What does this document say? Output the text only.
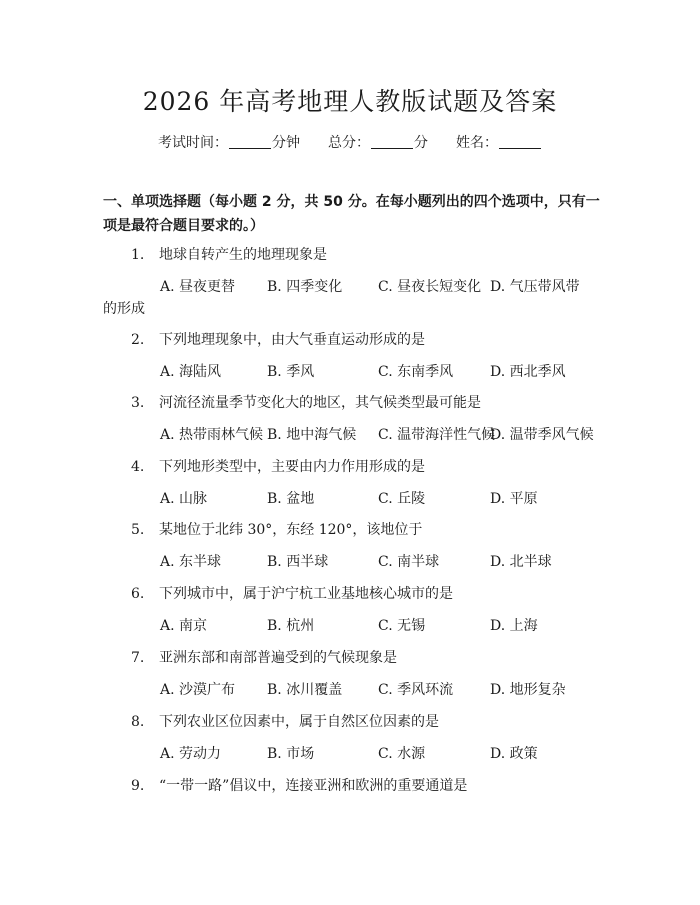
2026 年高考地理人教版试题及答案
考试时间：	分钟 总分：	分 姓名：
一、单项选择题（每小题 2 分，共 50 分。在每小题列出的四个选项中，只有一项是最符合题目要求的。）
1. 地球自转产生的地理现象是
A. 昼夜更替 B. 四季变化	C. 昼夜长短变化 D. 气压带风带
的形成
2. 下列地理现象中，由大气垂直运动形成的是
A. 海陆风	B. 季风	C. 东南季风	D. 西北季风
3. 河流径流量季节变化大的地区，其气候类型最可能是
A. 热带雨林气候 B. 地中海气候 C. 温带海洋性气候
D. 温带季风气候
4. 下列地形类型中，主要由内力作用形成的是
A. 山脉	B. 盆地	C. 丘陵	D. 平原
5. 某地位于北纬 30°，东经 120°，该地位于
A. 东半球	B. 西半球	C. 南半球	D. 北半球
6. 下列城市中，属于沪宁杭工业基地核心城市的是
A. 南京	B. 杭州	C. 无锡	D. 上海
7. 亚洲东部和南部普遍受到的气候现象是
A. 沙漠广布 B. 冰川覆盖	C. 季风环流	D. 地形复杂
8. 下列农业区位因素中，属于自然区位因素的是
A. 劳动力	B. 市场	C. 水源	D. 政策
9. “一带一路”倡议中，连接亚洲和欧洲的重要通道是
